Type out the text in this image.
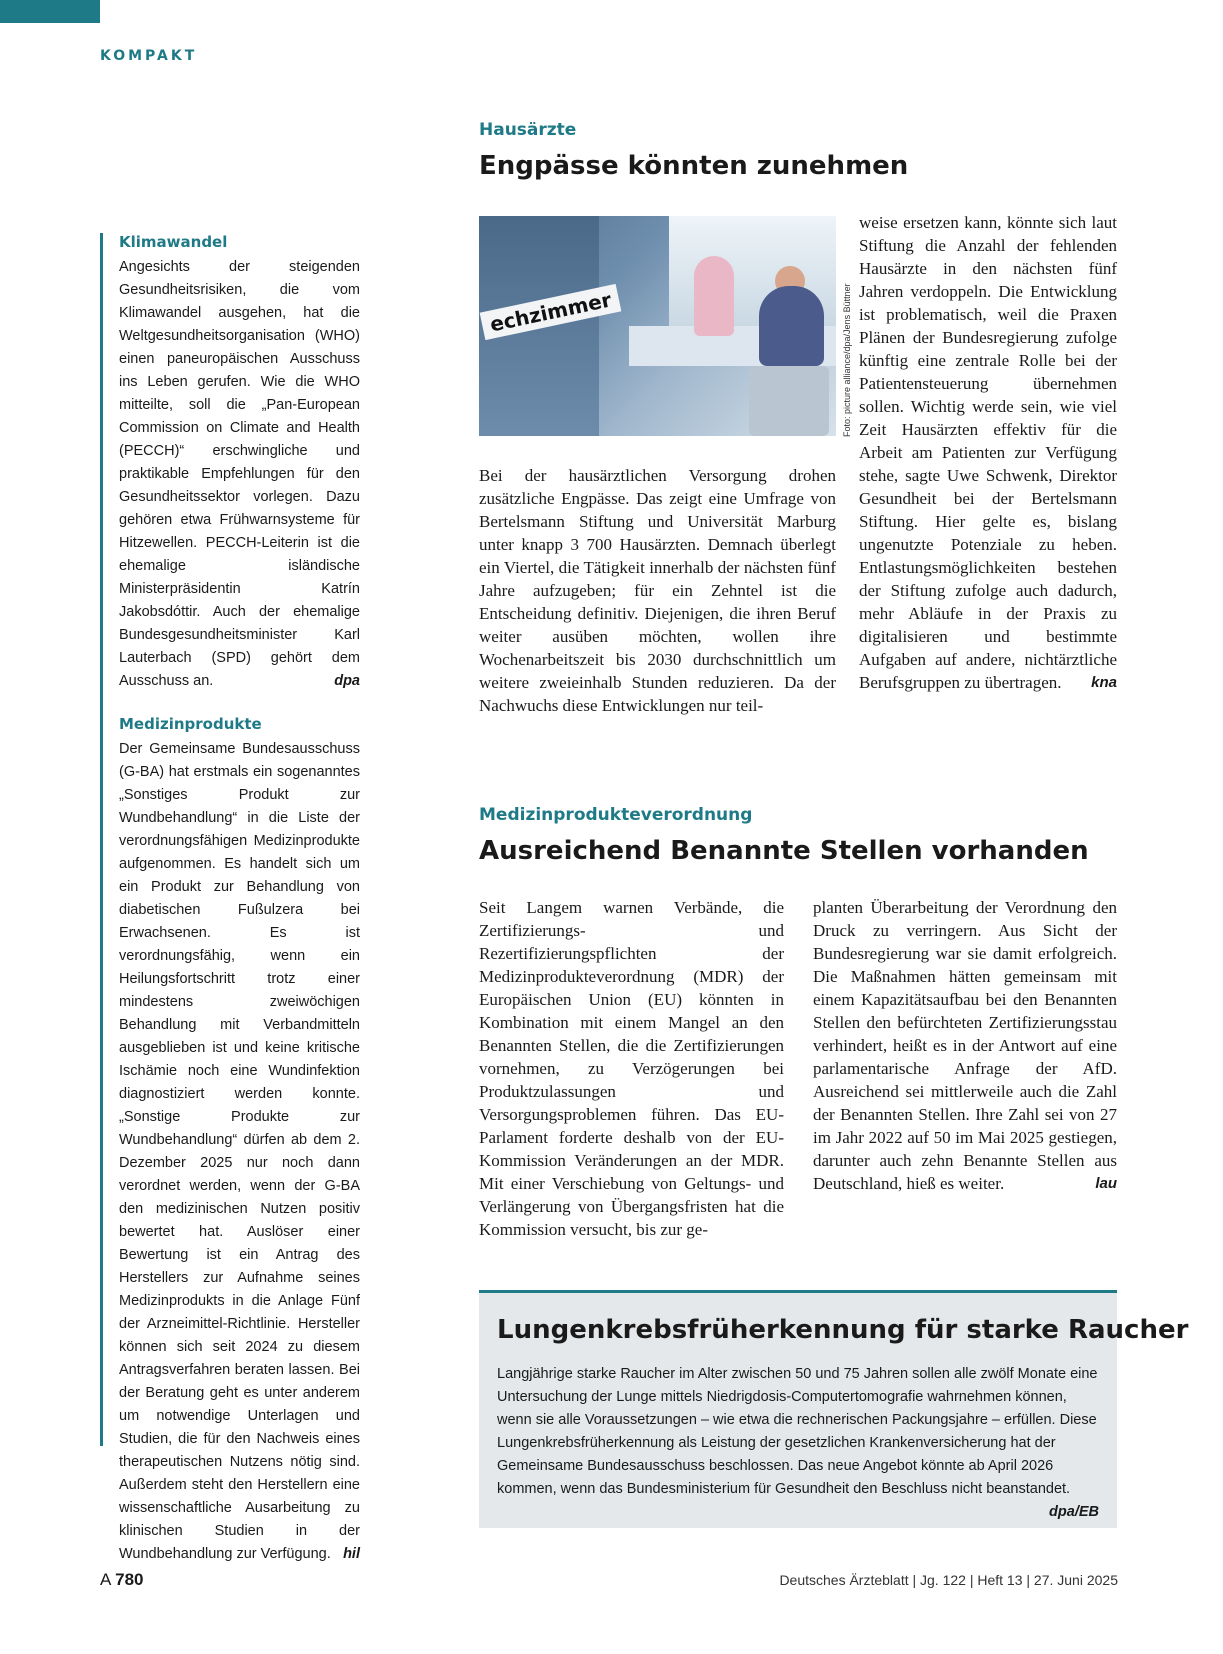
KOMPAKT
Klimawandel

Angesichts der steigenden Gesundheitsrisiken, die vom Klimawandel ausgehen, hat die Weltgesundheitsorganisation (WHO) einen paneuropäischen Ausschuss ins Leben gerufen. Wie die WHO mitteilte, soll die „Pan-European Commission on Climate and Health (PECCH)“ erschwingliche und praktikable Empfehlungen für den Gesundheitssektor vorlegen. Dazu gehören etwa Frühwarnsysteme für Hitzewellen. PECCH-Leiterin ist die ehemalige isländische Ministerpräsidentin Katrín Jakobsdóttir. Auch der ehemalige Bundesgesundheitsminister Karl Lauterbach (SPD) gehört dem Ausschuss an.	dpa

Medizinprodukte

Der Gemeinsame Bundesausschuss (G-BA) hat erstmals ein sogenanntes „Sonstiges Produkt zur Wundbehandlung“ in die Liste der verordnungsfähigen Medizinprodukte aufgenommen. Es handelt sich um ein Produkt zur Behandlung von diabetischen Fußulzera bei Erwachsenen. Es ist verordnungsfähig, wenn ein Heilungsfortschritt trotz einer mindestens zweiwöchigen Behandlung mit Verbandmitteln ausgeblieben ist und keine kritische Ischämie noch eine Wundinfektion diagnostiziert werden konnte. „Sonstige Produkte zur Wundbehandlung“ dürfen ab dem 2. Dezember 2025 nur noch dann verordnet werden, wenn der G-BA den medizinischen Nutzen positiv bewertet hat. Auslöser einer Bewertung ist ein Antrag des Herstellers zur Aufnahme seines Medizinprodukts in die Anlage Fünf der Arzneimittel-Richtlinie. Hersteller können sich seit 2024 zu diesem Antragsverfahren beraten lassen. Bei der Beratung geht es unter anderem um notwendige Unterlagen und Studien, die für den Nachweis eines therapeutischen Nutzens nötig sind. Außerdem steht den Herstellern eine wissenschaftliche Ausarbeitung zu klinischen Studien in der Wundbehandlung zur Verfügung. hil

Hausärzte
Engpässe könnten zunehmen
echzimmer	Foto: picture alliance/dpa/Jens Büttner

Bei der hausärztlichen Versorgung drohen zusätzliche Engpässe. Das zeigt eine Umfrage von Bertelsmann Stiftung und Universität Marburg unter knapp 3 700 Hausärzten. Demnach überlegt ein Viertel, die Tätigkeit innerhalb der nächsten fünf Jahre aufzugeben; für ein Zehntel ist die Entscheidung definitiv. Diejenigen, die ihren Beruf weiter ausüben möchten, wollen ihre Wochenarbeitszeit bis 2030 durchschnittlich um weitere zweieinhalb Stunden reduzieren. Da der Nachwuchs diese Entwicklungen nur teil-

weise ersetzen kann, könnte sich laut Stiftung die Anzahl der fehlenden Hausärzte in den nächsten fünf Jahren verdoppeln. Die Entwicklung ist problematisch, weil die Praxen Plänen der Bundesregierung zufolge künftig eine zentrale Rolle bei der Patientensteuerung übernehmen sollen. Wichtig werde sein, wie viel Zeit Hausärzten effektiv für die Arbeit am Patienten zur Verfügung stehe, sagte Uwe Schwenk, Direktor Gesundheit bei der Bertelsmann Stiftung. Hier gelte es, bislang ungenutzte Potenziale zu heben. Entlastungsmöglichkeiten bestehen der Stiftung zufolge auch dadurch, mehr Abläufe in der Praxis zu digitalisieren und bestimmte Aufgaben auf andere, nichtärztliche Berufsgruppen zu übertragen. kna

Medizinprodukteverordnung
Ausreichend Benannte Stellen vorhanden

Seit Langem warnen Verbände, die Zertifizierungs- und Rezertifizierungspflichten der Medizinprodukteverordnung (MDR) der Europäischen Union (EU) könnten in Kombination mit einem Mangel an den Benannten Stellen, die die Zertifizierungen vornehmen, zu Verzögerungen bei Produktzulassungen und Versorgungsproblemen führen. Das EU-Parlament forderte deshalb von der EU-Kommission Veränderungen an der MDR. Mit einer Verschiebung von Geltungs- und Verlängerung von Übergangsfristen hat die Kommission versucht, bis zur ge-

planten Überarbeitung der Verordnung den Druck zu verringern. Aus Sicht der Bundesregierung war sie damit erfolgreich. Die Maßnahmen hätten gemeinsam mit einem Kapazitätsaufbau bei den Benannten Stellen den befürchteten Zertifizierungsstau verhindert, heißt es in der Antwort auf eine parlamentarische Anfrage der AfD. Ausreichend sei mittlerweile auch die Zahl der Benannten Stellen. Ihre Zahl sei von 27 im Jahr 2022 auf 50 im Mai 2025 gestiegen, darunter auch zehn Benannte Stellen aus Deutschland, hieß es weiter.	lau

Lungenkrebsfrüherkennung für starke Raucher

Langjährige starke Raucher im Alter zwischen 50 und 75 Jahren sollen alle zwölf Monate eine Untersuchung der Lunge mittels Niedrigdosis-Computertomografie wahrnehmen können, wenn sie alle Voraussetzungen – wie etwa die rechnerischen Packungsjahre – erfüllen. Diese Lungenkrebsfrüherkennung als Leistung der gesetzlichen Krankenversicherung hat der Gemeinsame Bundesausschuss beschlossen. Das neue Angebot könnte ab April 2026 kommen, wenn das Bundesministerium für Gesundheit den Beschluss nicht beanstandet.
dpa/EB

A 780	Deutsches Ärzteblatt | Jg. 122 | Heft 13 | 27. Juni 2025
